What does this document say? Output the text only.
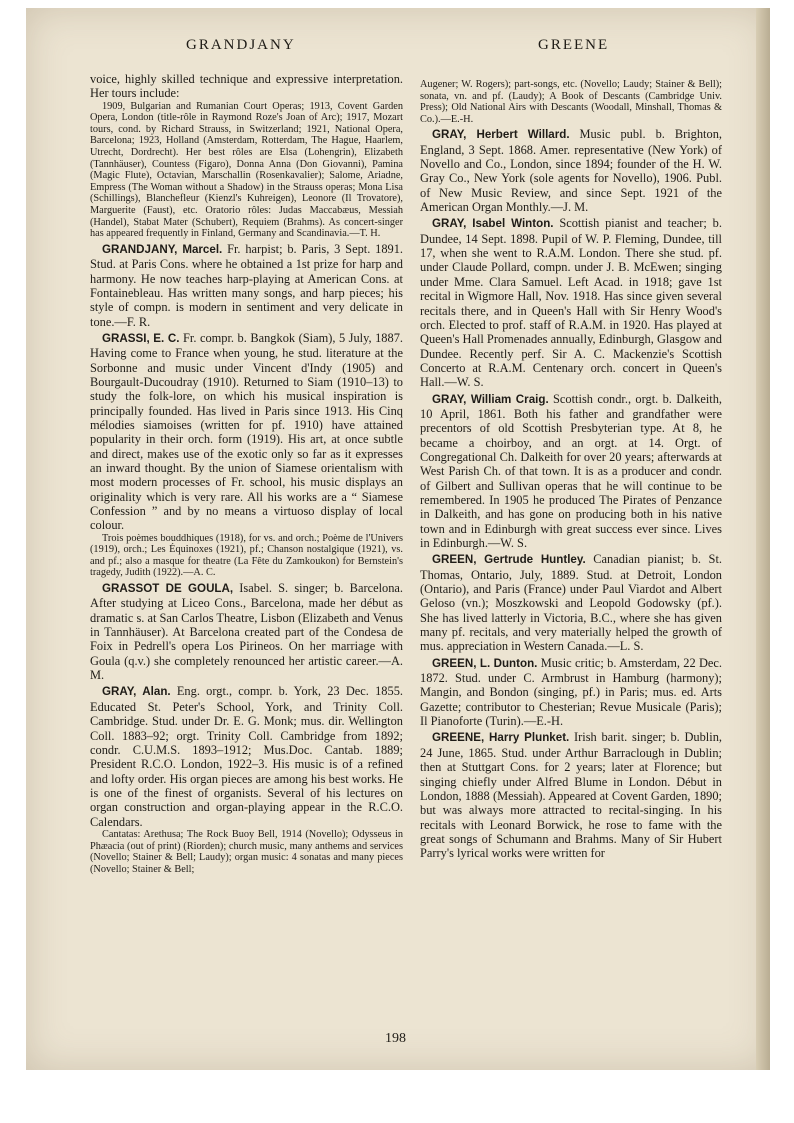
GRANDJANY	GREENE

voice, highly skilled technique and expressive interpretation. Her tours include:

1909, Bulgarian and Rumanian Court Operas; 1913, Covent Garden Opera, London (title-rôle in Raymond Roze's Joan of Arc); 1917, Mozart tours, cond. by Richard Strauss, in Switzerland; 1921, National Opera, Barcelona; 1923, Holland (Amsterdam, Rotterdam, The Hague, Haarlem, Utrecht, Dordrecht). Her best rôles are Elsa (Lohengrin), Elizabeth (Tannhäuser), Countess (Figaro), Donna Anna (Don Giovanni), Pamina (Magic Flute), Octavian, Marschallin (Rosenkavalier); Salome, Ariadne, Empress (The Woman without a Shadow) in the Strauss operas; Mona Lisa (Schillings), Blanchefleur (Kienzl's Kuhreigen), Leonore (Il Trovatore), Marguerite (Faust), etc. Oratorio rôles: Judas Maccabæus, Messiah (Handel), Stabat Mater (Schubert), Requiem (Brahms). As concert-singer has appeared frequently in Finland, Germany and Scandinavia.—T. H.

GRANDJANY, Marcel. Fr. harpist; b. Paris, 3 Sept. 1891. Stud. at Paris Cons. where he obtained a 1st prize for harp and harmony. He now teaches harp-playing at American Cons. at Fontainebleau. Has written many songs, and harp pieces; his style of compn. is modern in sentiment and very delicate in tone.—F. R.

GRASSI, E. C. Fr. compr. b. Bangkok (Siam), 5 July, 1887. Having come to France when young, he stud. literature at the Sorbonne and music under Vincent d'Indy (1905) and Bourgault-Ducoudray (1910). Returned to Siam (1910–13) to study the folk-lore, on which his musical inspiration is principally founded. Has lived in Paris since 1913. His Cinq mélodies siamoises (written for pf. 1910) have attained popularity in their orch. form (1919). His art, at once subtle and direct, makes use of the exotic only so far as it expresses an inward thought. By the union of Siamese orientalism with most modern processes of Fr. school, his music displays an originality which is very rare. All his works are a “ Siamese Confession ” and by no means a virtuoso display of local colour.

Trois poèmes bouddhiques (1918), for vs. and orch.; Poème de l'Univers (1919), orch.; Les Équinoxes (1921), pf.; Chanson nostalgique (1921), vs. and pf.; also a masque for theatre (La Fête du Zamkoukon) for Bernstein's tragedy, Judith (1922).—A. C.

GRASSOT DE GOULA, Isabel. S. singer; b. Barcelona. After studying at Liceo Cons., Barcelona, made her début as dramatic s. at San Carlos Theatre, Lisbon (Elizabeth and Venus in Tannhäuser). At Barcelona created part of the Condesa de Foix in Pedrell's opera Los Pirineos. On her marriage with Goula (q.v.) she completely renounced her artistic career.—A. M.

GRAY, Alan. Eng. orgt., compr. b. York, 23 Dec. 1855. Educated St. Peter's School, York, and Trinity Coll. Cambridge. Stud. under Dr. E. G. Monk; mus. dir. Wellington Coll. 1883–92; orgt. Trinity Coll. Cambridge from 1892; condr. C.U.M.S. 1893–1912; Mus.Doc. Cantab. 1889; President R.C.O. London, 1922–3. His music is of a refined and lofty order. His organ pieces are among his best works. He is one of the finest of organists. Several of his lectures on organ construction and organ-playing appear in the R.C.O. Calendars.

Cantatas: Arethusa; The Rock Buoy Bell, 1914 (Novello); Odysseus in Phæacia (out of print) (Riorden); church music, many anthems and services (Novello; Stainer & Bell; Laudy); organ music: 4 sonatas and many pieces (Novello; Stainer & Bell;

Augener; W. Rogers); part-songs, etc. (Novello; Laudy; Stainer & Bell); sonata, vn. and pf. (Laudy); A Book of Descants (Cambridge Univ. Press); Old National Airs with Descants (Woodall, Minshall, Thomas & Co.).—E.-H.

GRAY, Herbert Willard. Music publ. b. Brighton, England, 3 Sept. 1868. Amer. representative (New York) of Novello and Co., London, since 1894; founder of the H. W. Gray Co., New York (sole agents for Novello), 1906. Publ. of New Music Review, and since Sept. 1921 of the American Organ Monthly.—J. M.

GRAY, Isabel Winton. Scottish pianist and teacher; b. Dundee, 14 Sept. 1898. Pupil of W. P. Fleming, Dundee, till 17, when she went to R.A.M. London. There she stud. pf. under Claude Pollard, compn. under J. B. McEwen; singing under Mme. Clara Samuel. Left Acad. in 1918; gave 1st recital in Wigmore Hall, Nov. 1918. Has since given several recitals there, and in Queen's Hall with Sir Henry Wood's orch. Elected to prof. staff of R.A.M. in 1920. Has played at Queen's Hall Promenades annually, Edinburgh, Glasgow and Dundee. Recently perf. Sir A. C. Mackenzie's Scottish Concerto at R.A.M. Centenary orch. concert in Queen's Hall.—W. S.

GRAY, William Craig. Scottish condr., orgt. b. Dalkeith, 10 April, 1861. Both his father and grandfather were precentors of old Scottish Presbyterian type. At 8, he became a choirboy, and an orgt. at 14. Orgt. of Congregational Ch. Dalkeith for over 20 years; afterwards at West Parish Ch. of that town. It is as a producer and condr. of Gilbert and Sullivan operas that he will continue to be remembered. In 1905 he produced The Pirates of Penzance in Dalkeith, and has gone on producing both in his native town and in Edinburgh with great success ever since. Lives in Edinburgh.—W. S.

GREEN, Gertrude Huntley. Canadian pianist; b. St. Thomas, Ontario, July, 1889. Stud. at Detroit, London (Ontario), and Paris (France) under Paul Viardot and Albert Geloso (vn.); Moszkowski and Leopold Godowsky (pf.). She has lived latterly in Victoria, B.C., where she has given many pf. recitals, and very materially helped the growth of mus. appreciation in Western Canada.—L. S.

GREEN, L. Dunton. Music critic; b. Amsterdam, 22 Dec. 1872. Stud. under C. Armbrust in Hamburg (harmony); Mangin, and Bondon (singing, pf.) in Paris; mus. ed. Arts Gazette; contributor to Chesterian; Revue Musicale (Paris); Il Pianoforte (Turin).—E.-H.

GREENE, Harry Plunket. Irish barit. singer; b. Dublin, 24 June, 1865. Stud. under Arthur Barraclough in Dublin; then at Stuttgart Cons. for 2 years; later at Florence; but singing chiefly under Alfred Blume in London. Début in London, 1888 (Messiah). Appeared at Covent Garden, 1890; but was always more attracted to recital-singing. In his recitals with Leonard Borwick, he rose to fame with the great songs of Schumann and Brahms. Many of Sir Hubert Parry's lyrical works were written for

198
